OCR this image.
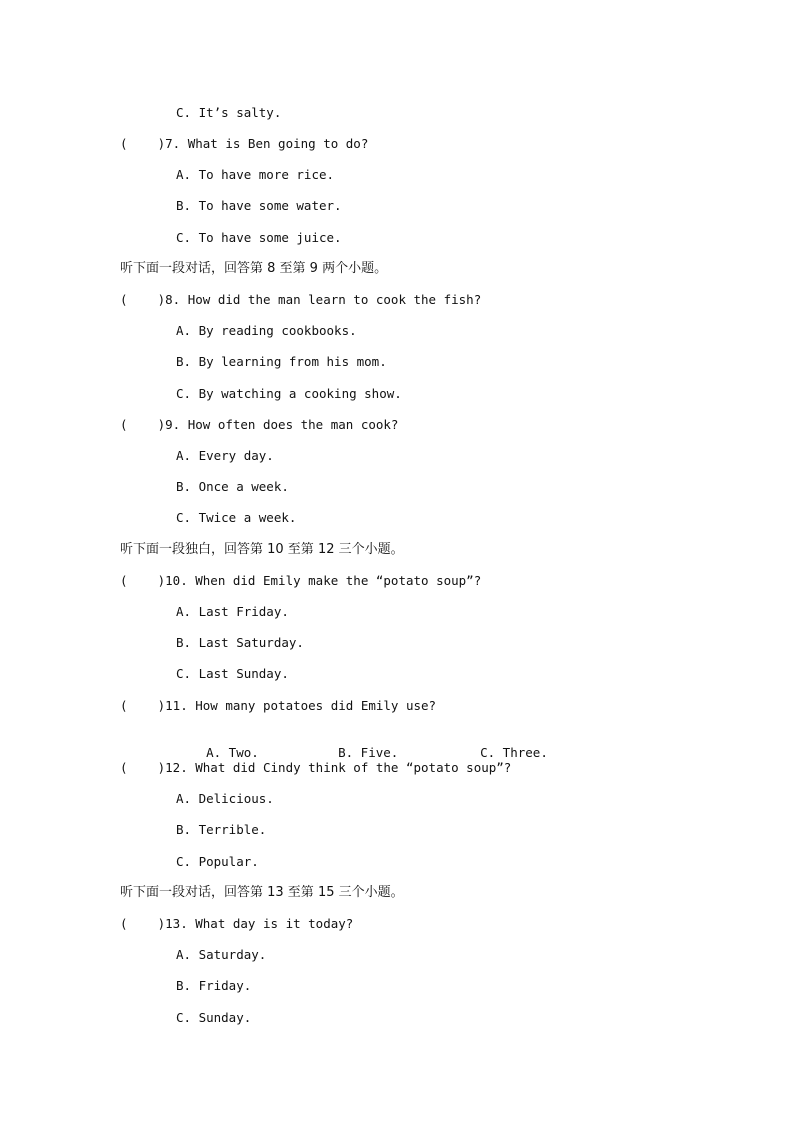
C. It’s salty.
(    )7. What is Ben going to do?
A. To have more rice.
B. To have some water.
C. To have some juice.
听下面一段对话，回答第 8 至第 9 两个小题。
(    )8. How did the man learn to cook the fish?
A. By reading cookbooks.
B. By learning from his mom.
C. By watching a cooking show.
(    )9. How often does the man cook?
A. Every day.
B. Once a week.
C. Twice a week.
听下面一段独白，回答第 10 至第 12 三个小题。
(    )10. When did Emily make the “potato soup”?
A. Last Friday.
B. Last Saturday.
C. Last Sunday.
(    )11. How many potatoes did Emily use?

A. Two.	B. Five.	C. Three.

(    )12. What did Cindy think of the “potato soup”?
A. Delicious.
B. Terrible.
C. Popular.
听下面一段对话，回答第 13 至第 15 三个小题。
(    )13. What day is it today?
A. Saturday.
B. Friday.
C. Sunday.
